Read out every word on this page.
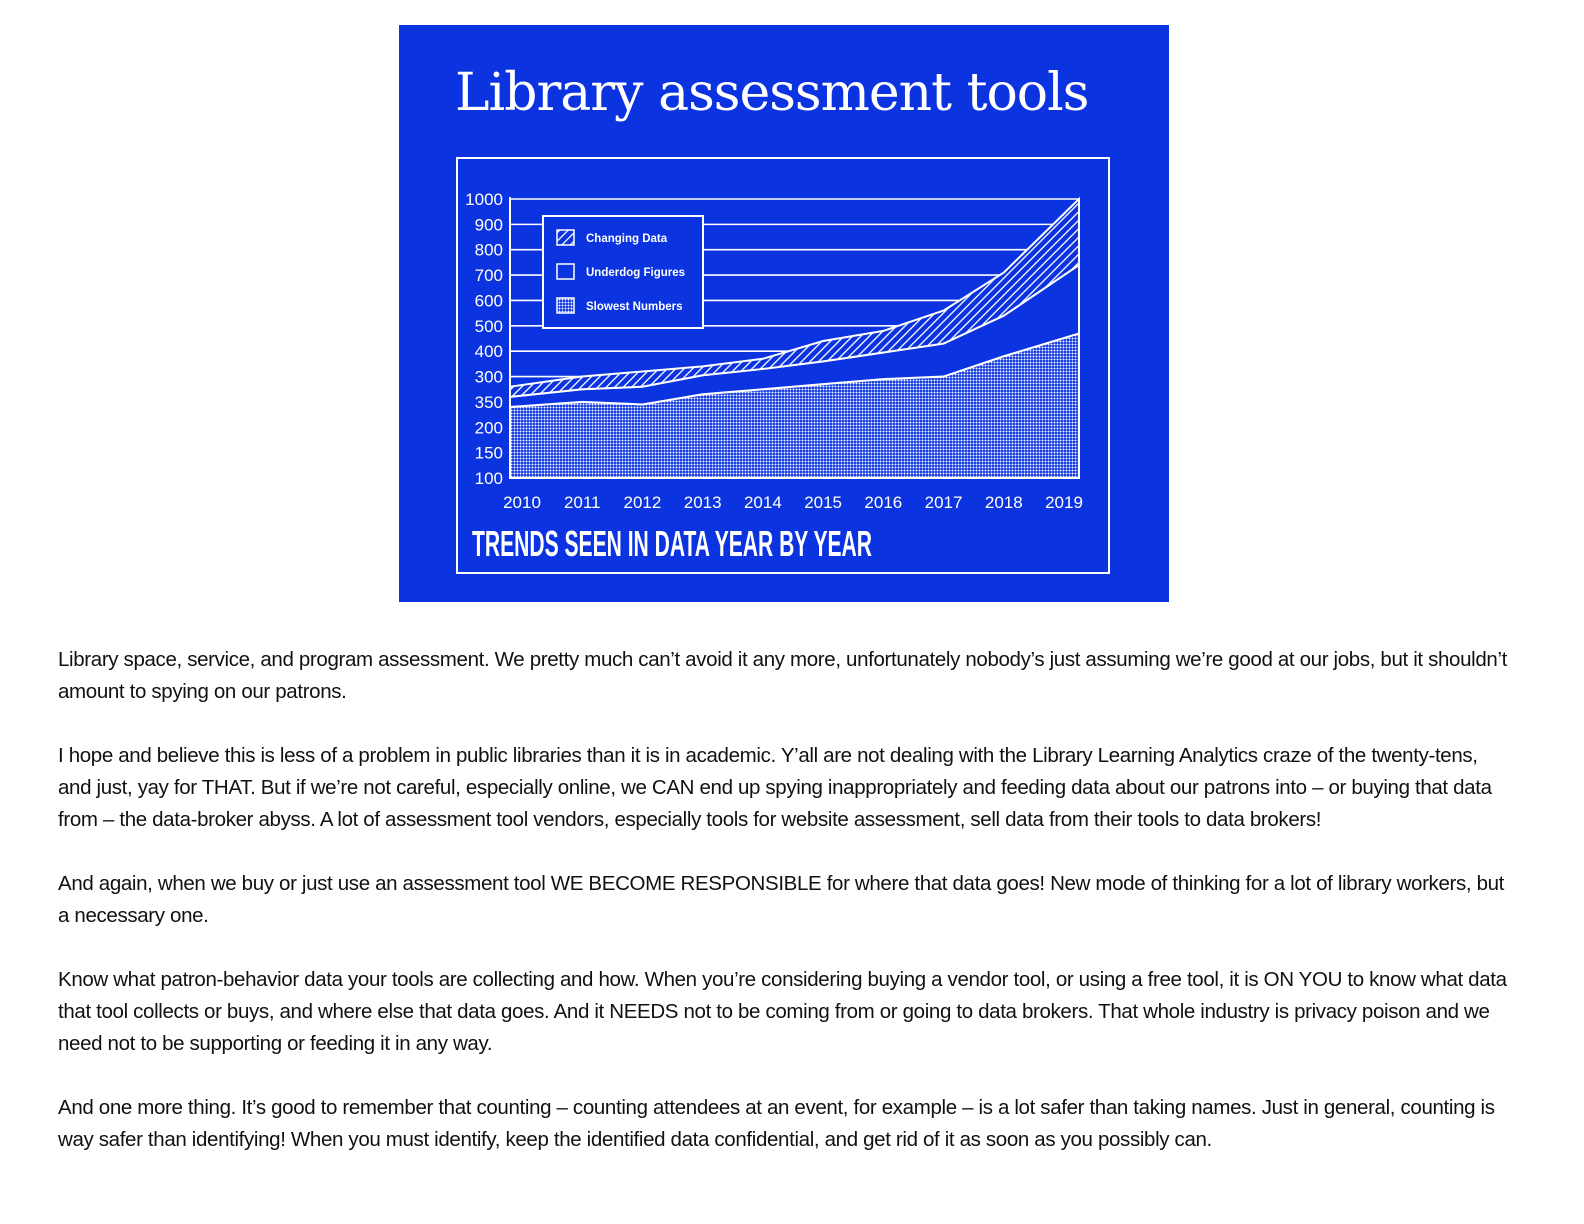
Library assessment tools
100
150
200
350
300
400
500
600
700
800
900
1000
2010 2011 2012 2013 2014 2015 2016 2017 2018 2019
Changing Data
Underdog Figures
Slowest Numbers
TRENDS SEEN IN DATA YEAR BY YEAR

Library space, service, and program assessment. We pretty much can’t avoid it any more, unfortunately nobody’s just assuming we’re good at our jobs, but it shouldn’t amount to spying on our patrons.

I hope and believe this is less of a problem in public libraries than it is in academic. Y’all are not dealing with the Library Learning Analytics craze of the twenty-tens, and just, yay for THAT. But if we’re not careful, especially online, we CAN end up spying inappropriately and feeding data about our patrons into – or buying that data from – the data-broker abyss. A lot of assessment tool vendors, especially tools for website assessment, sell data from their tools to data brokers!

And again, when we buy or just use an assessment tool WE BECOME RESPONSIBLE for where that data goes! New mode of thinking for a lot of library workers, but a necessary one.

Know what patron-behavior data your tools are collecting and how. When you’re considering buying a vendor tool, or using a free tool, it is ON YOU to know what data that tool collects or buys, and where else that data goes. And it NEEDS not to be coming from or going to data brokers. That whole industry is privacy poison and we need not to be supporting or feeding it in any way.

And one more thing. It’s good to remember that counting – counting attendees at an event, for example – is a lot safer than taking names. Just in general, counting is way safer than identifying! When you must identify, keep the identified data confidential, and get rid of it as soon as you possibly can.
